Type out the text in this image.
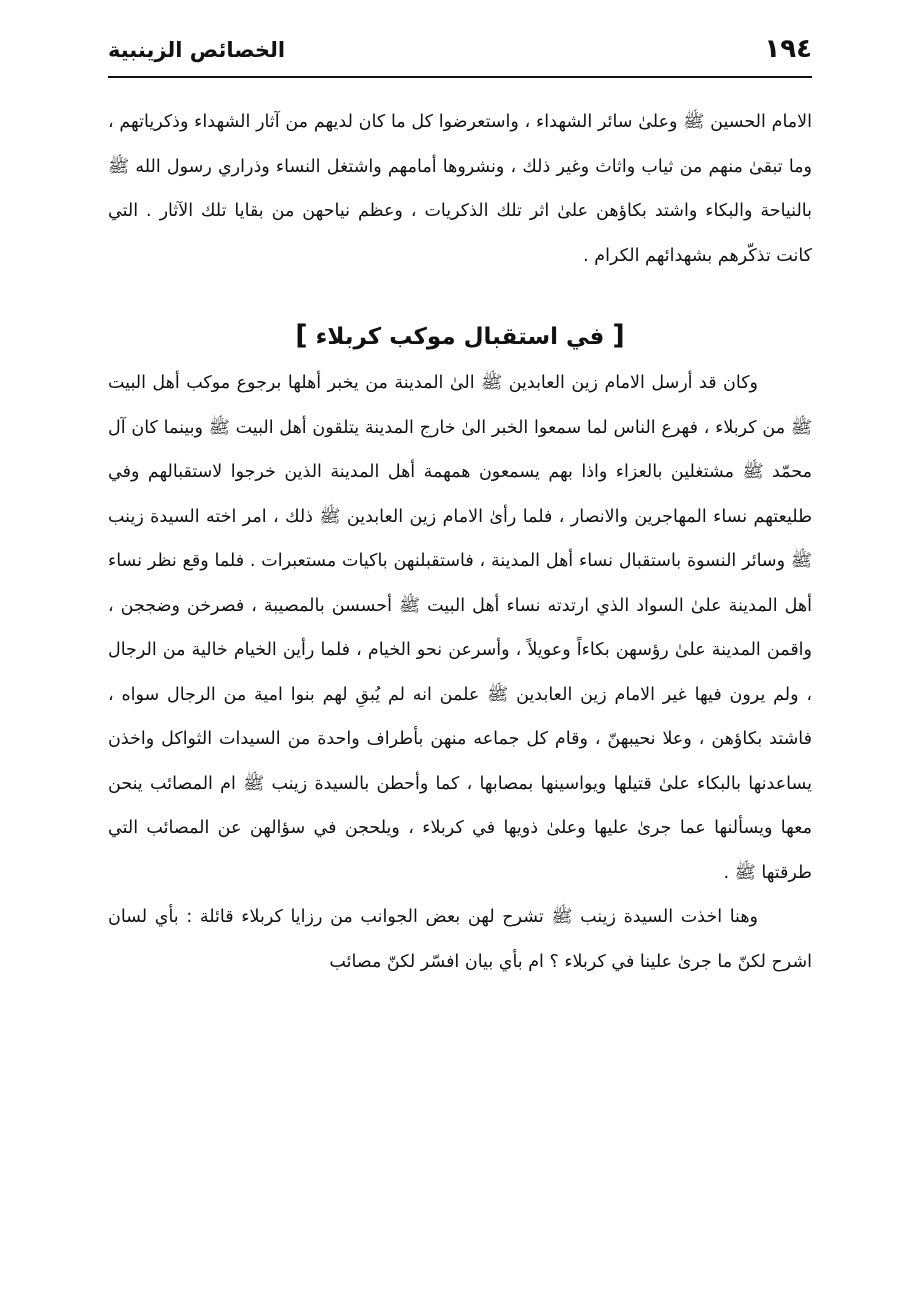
١٩٤
الخصائص الزينبية

الامام الحسين ﷺ وعلىٰ سائر الشهداء ، واستعرضوا كل ما كان لديهم من آثار الشهداء وذكرياتهم ، وما تبقىٰ منهم من ثياب واثاث وغير ذلك ، ونشروها أمامهم واشتغل النساء وذراري رسول الله ﷺ بالنياحة والبكاء واشتد بكاؤهن علىٰ اثر تلك الذكريات ، وعظم نياحهن من بقايا تلك الآثار . التي كانت تذكّرهم بشهدائهم الكرام .

[ في استقبال موكب كربلاء ]

وكان قد أرسل الامام زين العابدين ﷺ الىٰ المدينة من يخبر أهلها برجوع موكب أهل البيت ﷺ من كربلاء ، فهرع الناس لما سمعوا الخبر الىٰ خارج المدينة يتلقون أهل البيت ﷺ وبينما كان آل محمّد ﷺ مشتغلين بالعزاء واذا بهم يسمعون همهمة أهل المدينة الذين خرجوا لاستقبالهم وفي طليعتهم نساء المهاجرين والانصار ، فلما رأىٰ الامام زين العابدين ﷺ ذلك ، امر اخته السيدة زينب ﷺ وسائر النسوة باستقبال نساء أهل المدينة ، فاستقبلنهن باكيات مستعبرات . فلما وقع نظر نساء أهل المدينة علىٰ السواد الذي ارتدته نساء أهل البيت ﷺ أحسسن بالمصيبة ، فصرخن وضججن ، واقمن المدينة علىٰ رؤسهن بكاءاً وعويلاً ، وأسرعن نحو الخيام ، فلما رأين الخيام خالية من الرجال ، ولم يرون فيها غير الامام زين العابدين ﷺ علمن انه لم يُبقِ لهم بنوا امية من الرجال سواه ، فاشتد بكاؤهن ، وعلا نحيبهنّ ، وقام كل جماعه منهن بأطراف واحدة من السيدات الثواكل واخذن يساعدنها بالبكاء علىٰ قتيلها ويواسينها بمصابها ، كما وأحطن بالسيدة زينب ﷺ ام المصائب ينحن معها ويسألنها عما جرىٰ عليها وعلىٰ ذويها في كربلاء ، ويلحجن في سؤالهن عن المصائب التي طرقتها ﷺ .

وهنا اخذت السيدة زينب ﷺ تشرح لهن بعض الجوانب من رزايا كربلاء قائلة : بأي لسان اشرح لكنّ ما جرىٰ علينا في كربلاء ؟ ام بأي بيان افسّر لكنّ مصائب
